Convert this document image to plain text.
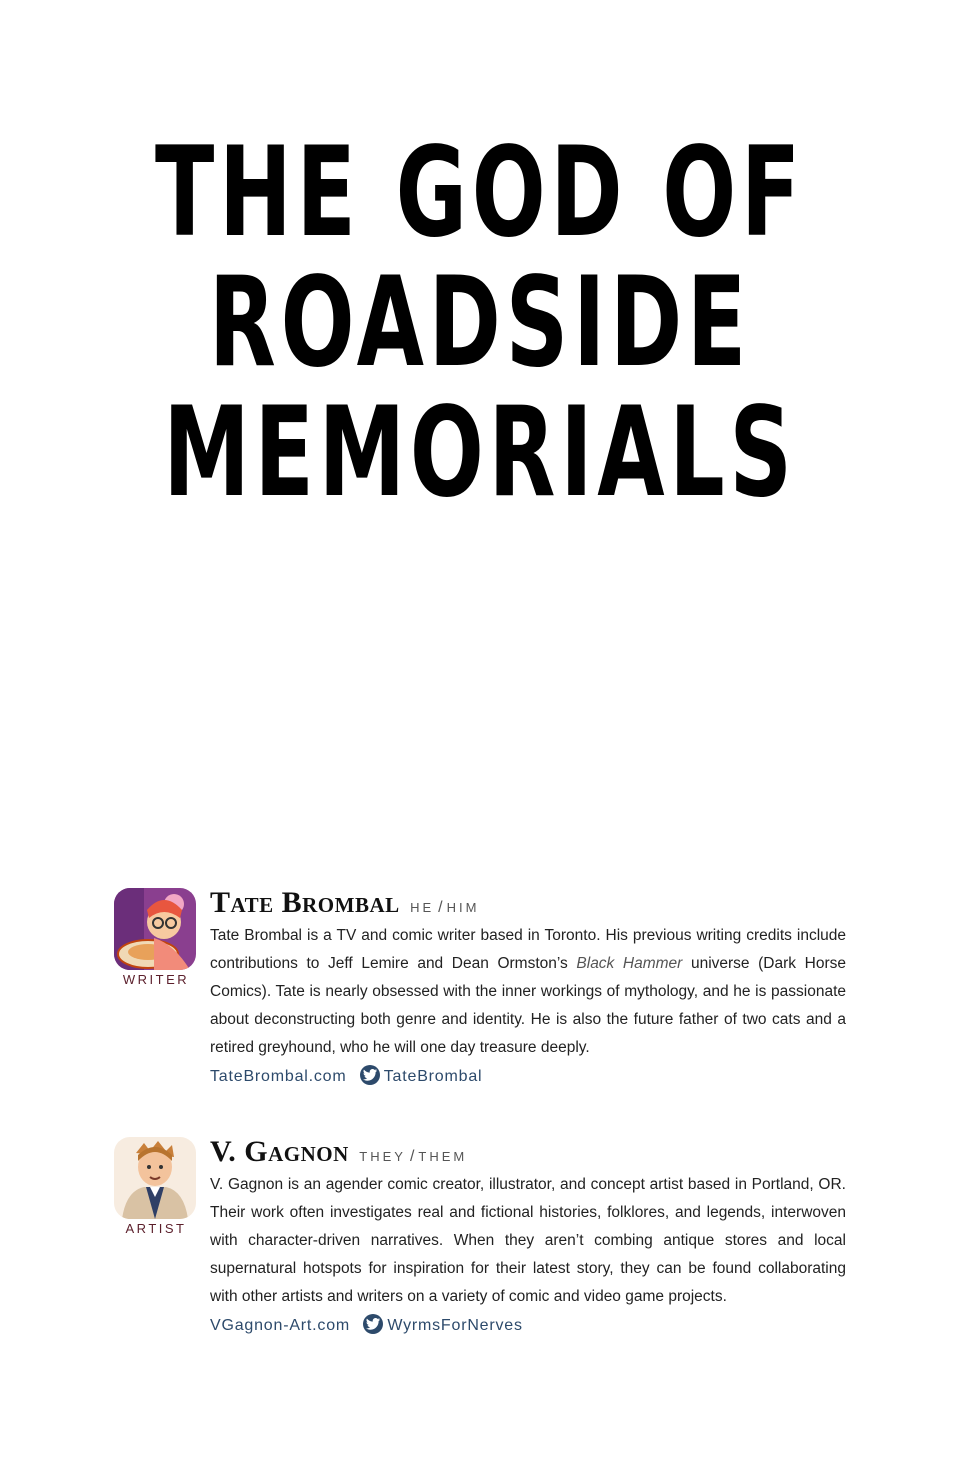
THE GOD OF
ROADSIDE
MEMORIALS
WRITER
Tate Brombal HE / HIM
Tate Brombal is a TV and comic writer based in Toronto. His previous writing credits include contributions to Jeff Lemire and Dean Ormston’s Black Hammer universe (Dark Horse Comics). Tate is nearly obsessed with the inner workings of mythology, and he is passionate about deconstructing both genre and identity. He is also the future father of two cats and a retired greyhound, who he will one day treasure deeply.
TateBrombal.com TateBrombal
ARTIST
V. Gagnon THEY / THEM
V. Gagnon is an agender comic creator, illustrator, and concept artist based in Portland, OR. Their work often investigates real and fictional histories, folklores, and legends, interwoven with character-driven narratives. When they aren’t combing antique stores and local supernatural hotspots for inspiration for their latest story, they can be found collaborating with other artists and writers on a variety of comic and video game projects.
VGagnon-Art.com WyrmsForNerves
